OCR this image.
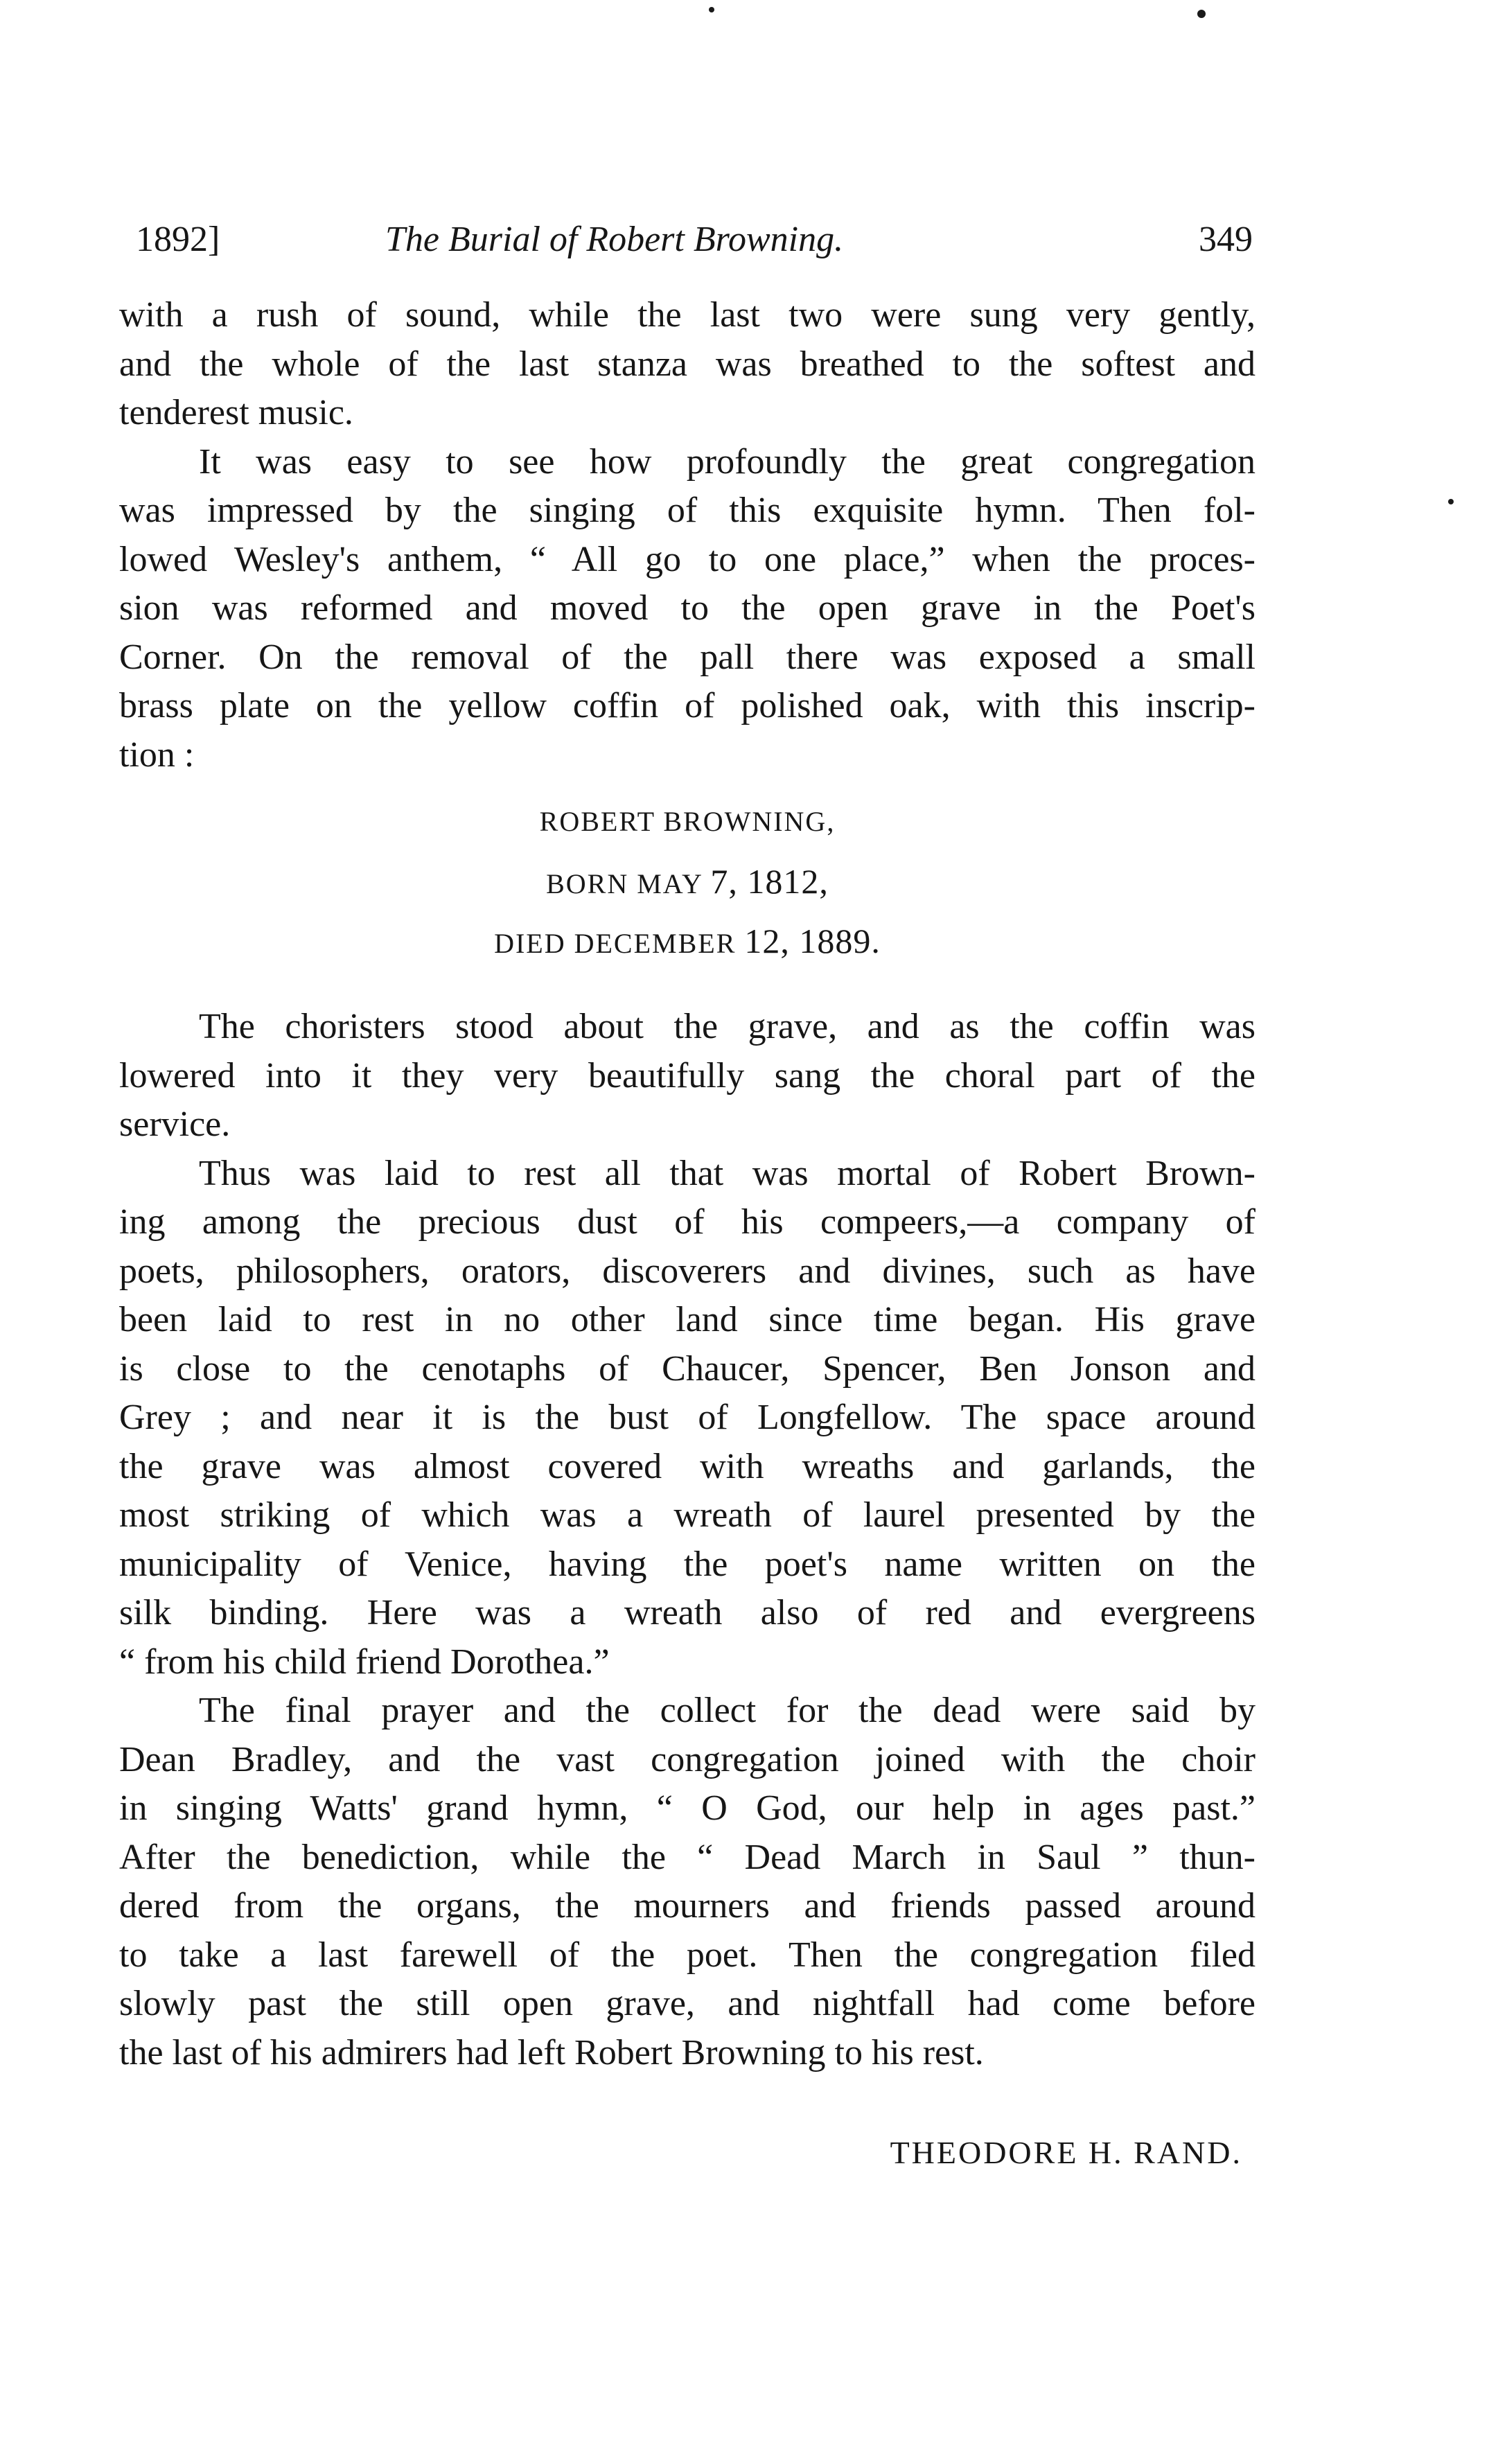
1892]	The Burial of Robert Browning.	349
with a rush of sound, while the last two were sung very gently,
and the whole of the last stanza was breathed to the softest and
tenderest music.
It was easy to see how profoundly the great congregation
was impressed by the singing of this exquisite hymn. Then fol-
lowed Wesley's anthem, “ All go to one place,” when the proces-
sion was reformed and moved to the open grave in the Poet's
Corner. On the removal of the pall there was exposed a small
brass plate on the yellow coffin of polished oak, with this inscrip-
tion :
ROBERT BROWNING,
BORN MAY 7, 1812,
DIED DECEMBER 12, 1889.
The choristers stood about the grave, and as the coffin was
lowered into it they very beautifully sang the choral part of the
service.
Thus was laid to rest all that was mortal of Robert Brown-
ing among the precious dust of his compeers,—a company of
poets, philosophers, orators, discoverers and divines, such as have
been laid to rest in no other land since time began. His grave
is close to the cenotaphs of Chaucer, Spencer, Ben Jonson and
Grey ; and near it is the bust of Longfellow. The space around
the grave was almost covered with wreaths and garlands, the
most striking of which was a wreath of laurel presented by the
municipality of Venice, having the poet's name written on the
silk binding. Here was a wreath also of red and evergreens
“ from his child friend Dorothea.”
The final prayer and the collect for the dead were said by
Dean Bradley, and the vast congregation joined with the choir
in singing Watts' grand hymn, “ O God, our help in ages past.”
After the benediction, while the “ Dead March in Saul ” thun-
dered from the organs, the mourners and friends passed around
to take a last farewell of the poet. Then the congregation filed
slowly past the still open grave, and nightfall had come before
the last of his admirers had left Robert Browning to his rest.
THEODORE H. RAND.
